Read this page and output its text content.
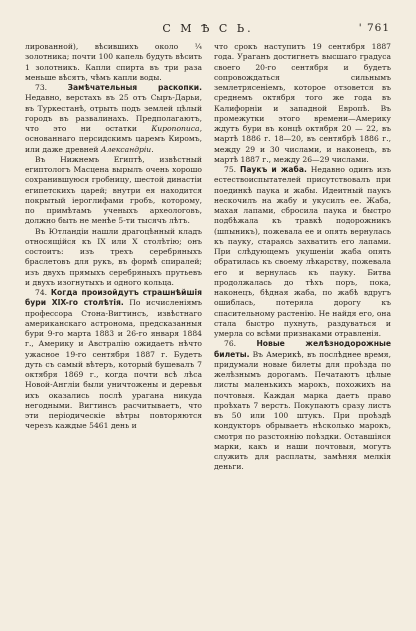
С М Ѣ С Ь.	' 761

лированной), вѣсившихъ около ¼ золотника; почти 100 капель будуть вѣсить 1 золотникъ. Капли спирта въ три раза меньше вѣсятъ, чѣмъ капли воды.

73.	Замѣчательныя раскопки. Недавно, верстахъ въ 25 отъ Сыръ-Дарьи, въ Туркестанѣ, отрыть подъ землей цѣлый городъ въ развалинахъ. Предполагаютъ, что это ни остатки Киропописа, основаннаго персидскимъ царемъ Киромъ, или даже древней Александріи.

Въ Нижнемъ Египтѣ, извѣстный египтологъ Масцена вырылъ очень хорошо сохранившуюся гробницу, шестой династіи египетскихъ царей; внутри ея находится покрытый іероглифами гробъ, которому, по примѣтамъ ученыхъ археологовъ, должно быть не менѣе 5-ти тысячъ лѣтъ.

Въ Ютландіи нашли драгоцѣнный кладъ относящійся къ IX или X столѣтію; онъ состоитъ: изъ трехъ серебряныхъ браслетовъ для рукъ, въ формѣ спиралей; изъ двухъ прямыхъ серебряныхъ прутьевъ и двухъ изогнутыхъ и одного кольца.

74. Когда произойдутъ страшнѣйшія бури XIX-го столѣтія. По исчисленіямъ профессора Стона-Вигтинсъ, извѣстнаго американскаго астронома, предсказанныя бури 9-го марта 1883 и 26-го января 1884 г., Америку и Австралію ожидаетъ нѣчто ужасное 19-го сентября 1887 г. Будетъ дуть съ самый вѣтеръ, который бушевалъ 7 октября 1869 г., когда почти всѣ лѣса Новой-Англіи были уничтожены и деревья ихъ оказались послѣ урагана никуда негодными. Вигтинсъ расчитываетъ, что эти періодическіе вѣтры повторяются черезъ каждые 5461 день и

что срокъ наступитъ 19 сентября 1887 года. Ураганъ достигнетъ высшаго градуса своего 20-го сентября и будетъ сопровождаться сильнымъ землетрясеніемъ, которое отзовется въ среднемъ октября того же года въ Калифорніи и западной Европѣ. Въ промежутки этого времени—Америку ждутъ бури въ концѣ октября 20 — 22, въ мартѣ 1886 г. 18—20, въ сентябрѣ 1886 г., между 29 и 30 числами, и наконецъ, въ мартѣ 1887 г., между 26—29 числами.

75. Паукъ и жаба. Недавно одинъ изъ естествоиспытателей присутствовалъ при поединкѣ паука и жабы. Идеитный паукъ нескочилъ на жабу и укусилъ ее. Жаба, махая лапами, сбросила паука и быстро подбѣжала къ травкѣ подорожникъ (шпыникъ), пожевала ее и опять вернулась къ пауку, стараясь захватить его лапами. При слѣдующемъ укушеніи жаба опять обратилась къ своему лѣкарству, пожевала его и вернулась къ пауку. Битва продолжалась до тѣхъ поръ, пока, наконецъ, бѣдная жаба, по жабѣ вдругъ ошиблась, потеряла дорогу къ спасительному растенію. Не найдя его, она стала быстро пухнуть, раздуваться и умерла со всѣми признаками отравленія.

76.	Новые желѣзнодорожные билеты. Въ Америкѣ, въ послѣднее время, придумали новые билеты для проѣзда по желѣзнымъ дорогамъ. Печатаютъ цѣлые листы маленькихъ марокъ, похожихъ на почтовыя. Каждая марка даетъ право проѣхать 7 верстъ. Покупаютъ сразу листъ въ 50 или 100 штукъ. При проѣздѣ кондукторъ обрываетъ нѣсколько марокъ, смотря по разстоянію поѣздки. Оставшіяся марки, какъ и наши почтовыя, могутъ служить для расплаты, замѣняя мелкія деньги.
